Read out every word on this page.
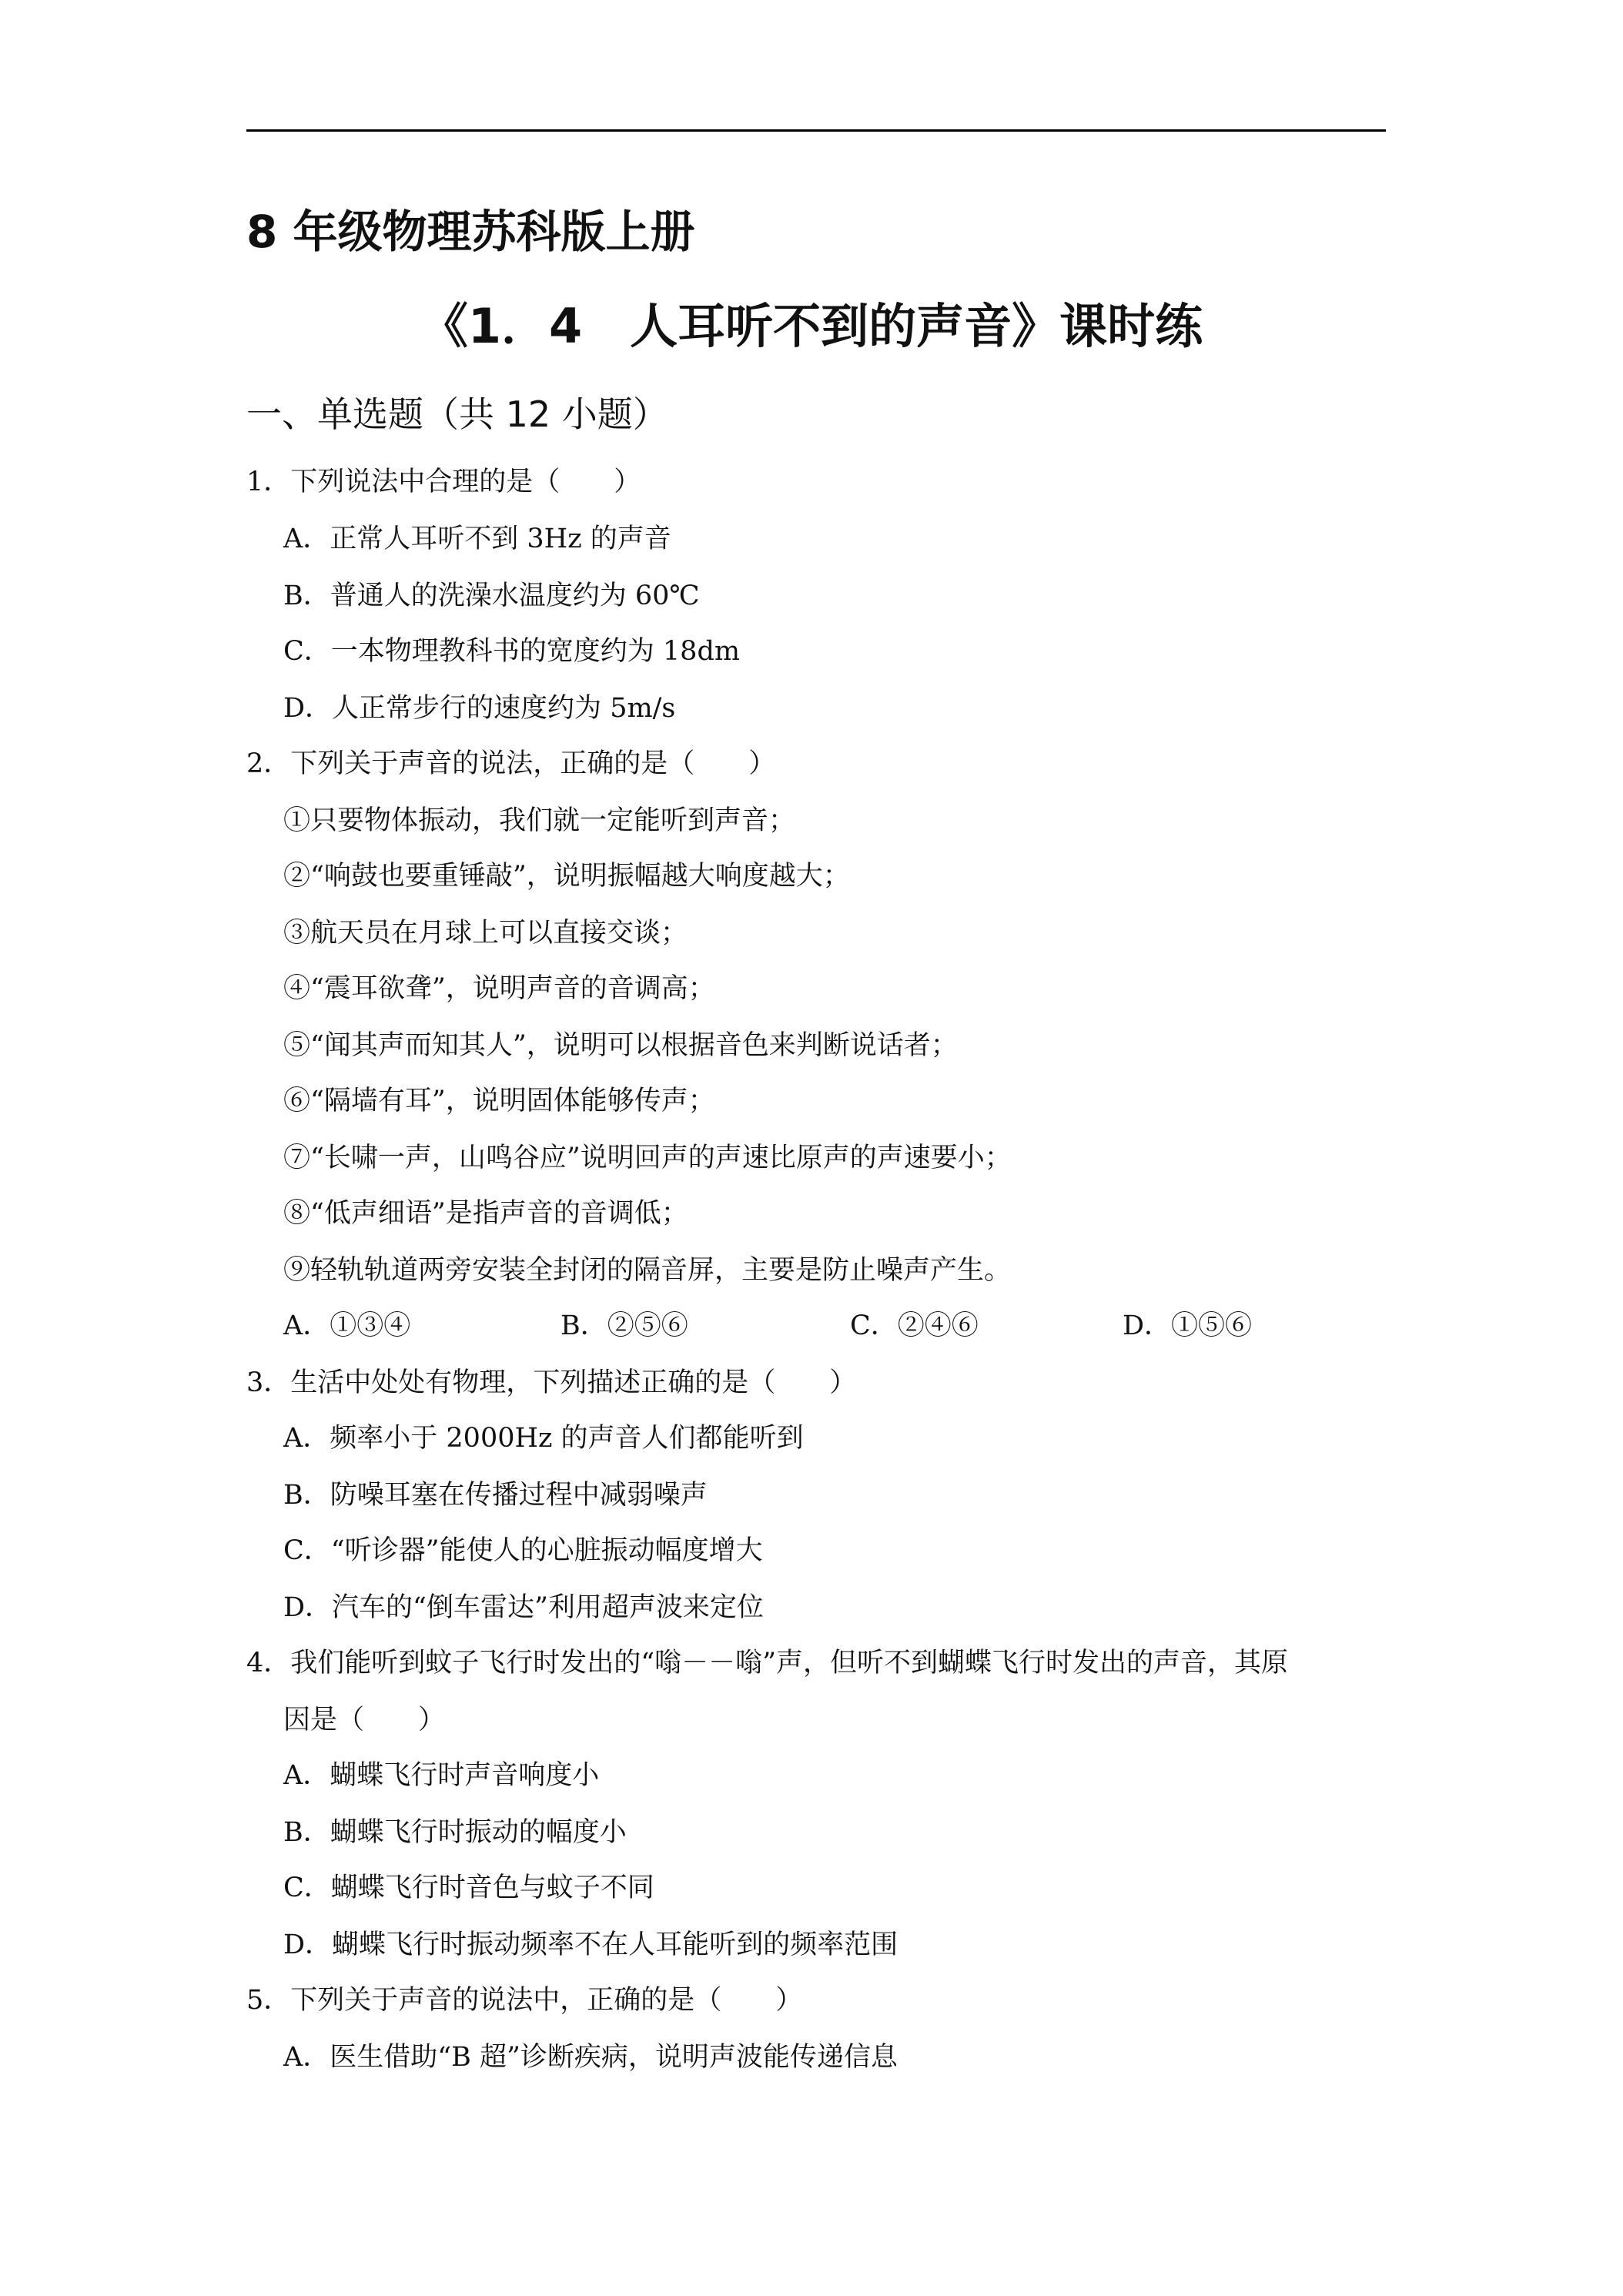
8 年级物理苏科版上册
《1．4　人耳听不到的声音》课时练
一、单选题（共 12 小题）
1．下列说法中合理的是（　　）
A．正常人耳听不到 3Hz 的声音
B．普通人的洗澡水温度约为 60℃
C．一本物理教科书的宽度约为 18dm
D．人正常步行的速度约为 5m/s
2．下列关于声音的说法，正确的是（　　）
①只要物体振动，我们就一定能听到声音；
②“响鼓也要重锤敲”，说明振幅越大响度越大；
③航天员在月球上可以直接交谈；
④“震耳欲聋”，说明声音的音调高；
⑤“闻其声而知其人”，说明可以根据音色来判断说话者；
⑥“隔墙有耳”，说明固体能够传声；
⑦“长啸一声，山鸣谷应”说明回声的声速比原声的声速要小；
⑧“低声细语”是指声音的音调低；
⑨轻轨轨道两旁安装全封闭的隔音屏，主要是防止噪声产生。
A．①③④	B．②⑤⑥	C．②④⑥	D．①⑤⑥
3．生活中处处有物理，下列描述正确的是（　　）
A．频率小于 2000Hz 的声音人们都能听到
B．防噪耳塞在传播过程中减弱噪声
C．“听诊器”能使人的心脏振动幅度增大
D．汽车的“倒车雷达”利用超声波来定位
4．我们能听到蚊子飞行时发出的“嗡－－嗡”声，但听不到蝴蝶飞行时发出的声音，其原
因是（　　）
A．蝴蝶飞行时声音响度小
B．蝴蝶飞行时振动的幅度小
C．蝴蝶飞行时音色与蚊子不同
D．蝴蝶飞行时振动频率不在人耳能听到的频率范围
5．下列关于声音的说法中，正确的是（　　）
A．医生借助“B 超”诊断疾病，说明声波能传递信息
